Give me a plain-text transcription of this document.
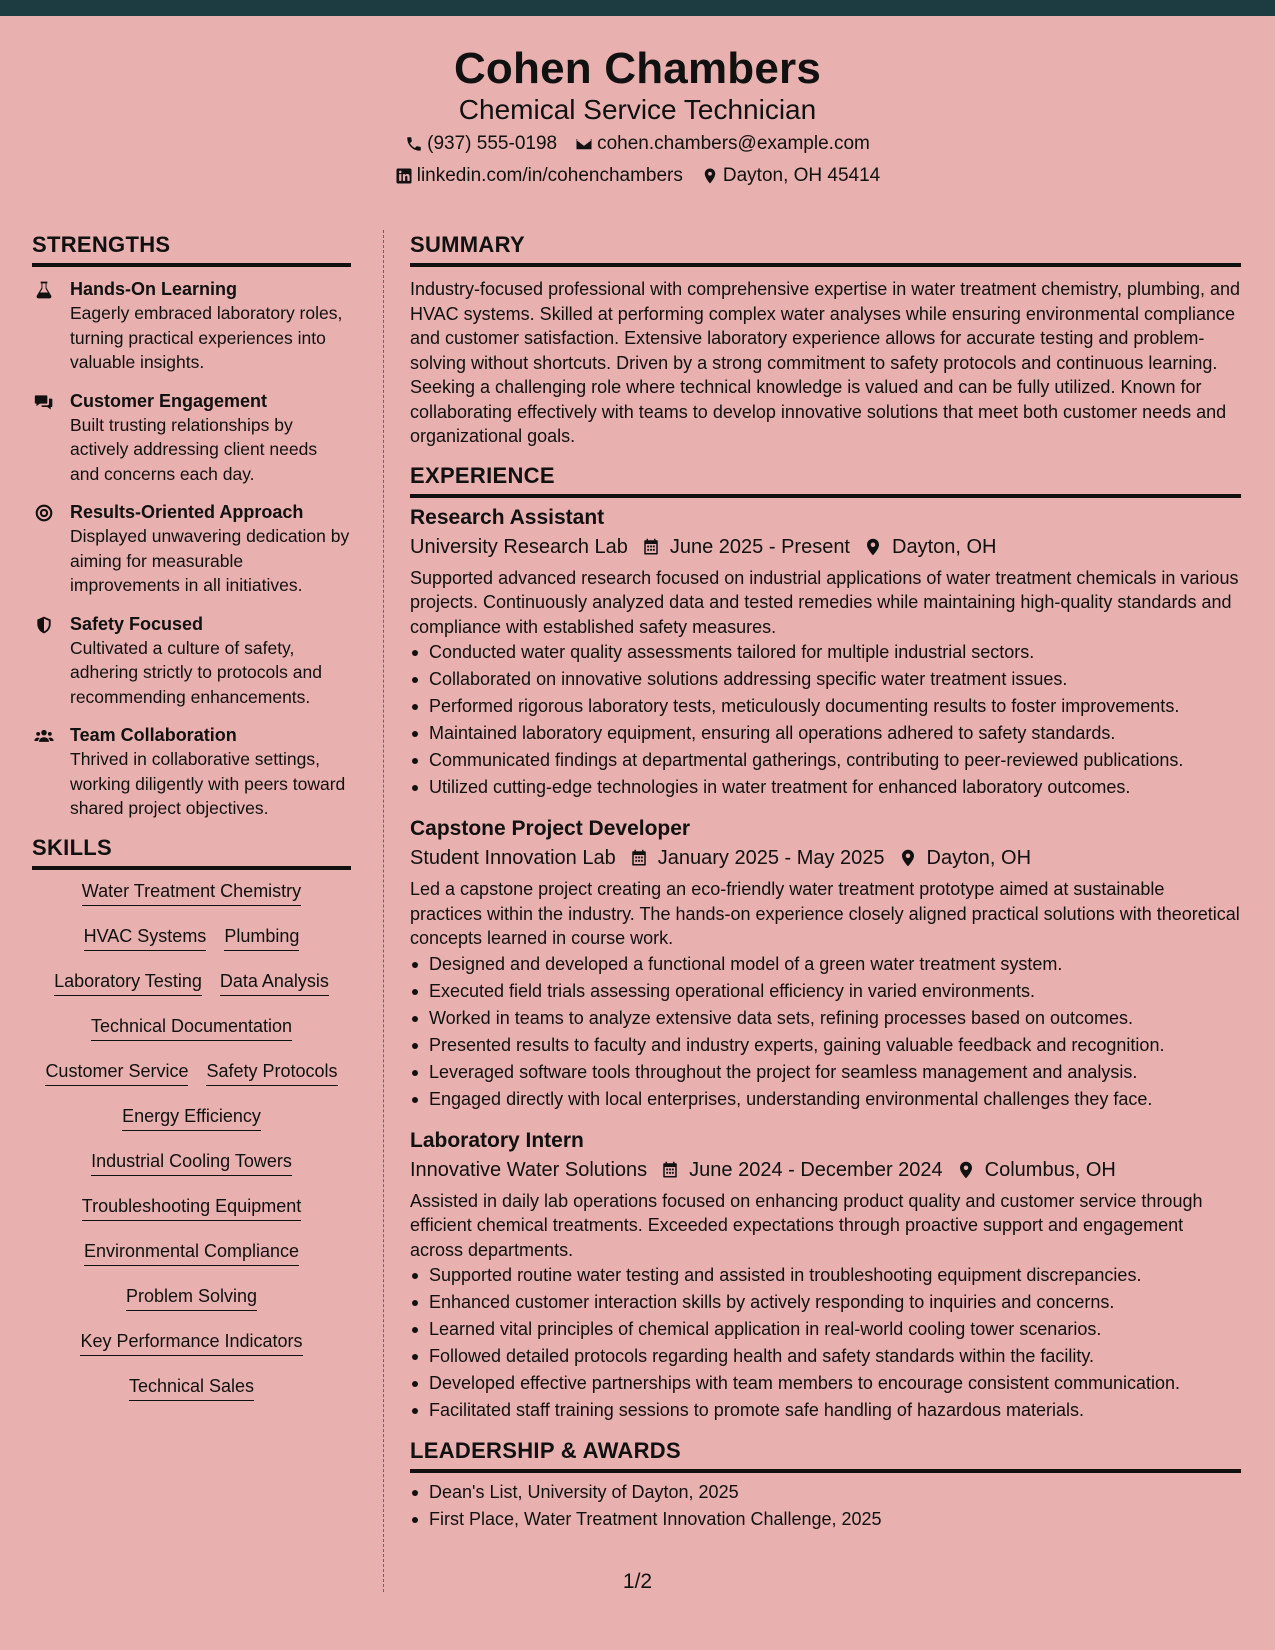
Cohen Chambers
Chemical Service Technician
(937) 555-0198 cohen.chambers@example.com
linkedin.com/in/cohenchambers Dayton, OH 45414
STRENGTHS
Hands-On Learning
Eagerly embraced laboratory roles, turning practical experiences into valuable insights.
Customer Engagement
Built trusting relationships by actively addressing client needs and concerns each day.
Results-Oriented Approach
Displayed unwavering dedication by aiming for measurable improvements in all initiatives.
Safety Focused
Cultivated a culture of safety, adhering strictly to protocols and recommending enhancements.
Team Collaboration
Thrived in collaborative settings, working diligently with peers toward shared project objectives.
SKILLS
Water Treatment Chemistry
HVAC Systems Plumbing
Laboratory Testing Data Analysis
Technical Documentation
Customer Service Safety Protocols
Energy Efficiency
Industrial Cooling Towers
Troubleshooting Equipment
Environmental Compliance
Problem Solving
Key Performance Indicators
Technical Sales
SUMMARY
Industry-focused professional with comprehensive expertise in water treatment chemistry, plumbing, and HVAC systems. Skilled at performing complex water analyses while ensuring environmental compliance and customer satisfaction. Extensive laboratory experience allows for accurate testing and problem-solving without shortcuts. Driven by a strong commitment to safety protocols and continuous learning. Seeking a challenging role where technical knowledge is valued and can be fully utilized. Known for collaborating effectively with teams to develop innovative solutions that meet both customer needs and organizational goals.
EXPERIENCE
Research Assistant
University Research Lab June 2025 - Present Dayton, OH
Supported advanced research focused on industrial applications of water treatment chemicals in various projects. Continuously analyzed data and tested remedies while maintaining high-quality standards and compliance with established safety measures.
Conducted water quality assessments tailored for multiple industrial sectors.
Collaborated on innovative solutions addressing specific water treatment issues.
Performed rigorous laboratory tests, meticulously documenting results to foster improvements.
Maintained laboratory equipment, ensuring all operations adhered to safety standards.
Communicated findings at departmental gatherings, contributing to peer-reviewed publications.
Utilized cutting-edge technologies in water treatment for enhanced laboratory outcomes.
Capstone Project Developer
Student Innovation Lab January 2025 - May 2025 Dayton, OH
Led a capstone project creating an eco-friendly water treatment prototype aimed at sustainable practices within the industry. The hands-on experience closely aligned practical solutions with theoretical concepts learned in course work.
Designed and developed a functional model of a green water treatment system.
Executed field trials assessing operational efficiency in varied environments.
Worked in teams to analyze extensive data sets, refining processes based on outcomes.
Presented results to faculty and industry experts, gaining valuable feedback and recognition.
Leveraged software tools throughout the project for seamless management and analysis.
Engaged directly with local enterprises, understanding environmental challenges they face.
Laboratory Intern
Innovative Water Solutions June 2024 - December 2024 Columbus, OH
Assisted in daily lab operations focused on enhancing product quality and customer service through efficient chemical treatments. Exceeded expectations through proactive support and engagement across departments.
Supported routine water testing and assisted in troubleshooting equipment discrepancies.
Enhanced customer interaction skills by actively responding to inquiries and concerns.
Learned vital principles of chemical application in real-world cooling tower scenarios.
Followed detailed protocols regarding health and safety standards within the facility.
Developed effective partnerships with team members to encourage consistent communication.
Facilitated staff training sessions to promote safe handling of hazardous materials.
LEADERSHIP & AWARDS
Dean's List, University of Dayton, 2025
First Place, Water Treatment Innovation Challenge, 2025
1/2
